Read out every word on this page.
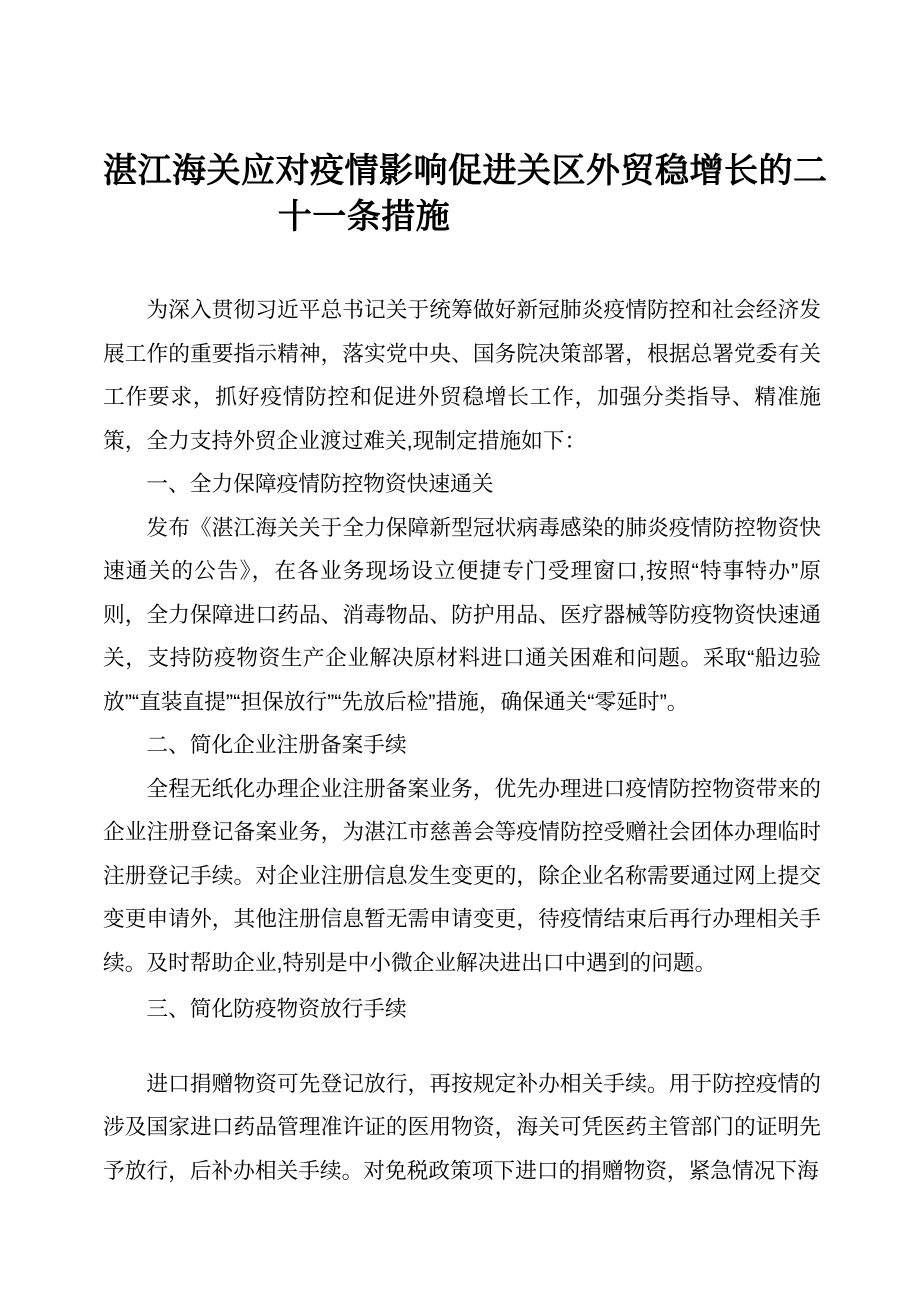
湛江海关应对疫情影响促进关区外贸稳增长的二
十一条措施

为深入贯彻习近平总书记关于统筹做好新冠肺炎疫情防控和社会经济发展工作的重要指示精神，落实党中央、国务院决策部署，根据总署党委有关工作要求，抓好疫情防控和促进外贸稳增长工作，加强分类指导、精准施策，全力支持外贸企业渡过难关,现制定措施如下：

一、全力保障疫情防控物资快速通关

发布《湛江海关关于全力保障新型冠状病毒感染的肺炎疫情防控物资快速通关的公告》，在各业务现场设立便捷专门受理窗口,按照“特事特办”原则，全力保障进口药品、消毒物品、防护用品、医疗器械等防疫物资快速通关，支持防疫物资生产企业解决原材料进口通关困难和问题。采取“船边验放”“直装直提”“担保放行”“先放后检”措施，确保通关“零延时”。

二、简化企业注册备案手续

全程无纸化办理企业注册备案业务，优先办理进口疫情防控物资带来的企业注册登记备案业务，为湛江市慈善会等疫情防控受赠社会团体办理临时注册登记手续。对企业注册信息发生变更的，除企业名称需要通过网上提交变更申请外，其他注册信息暂无需申请变更，待疫情结束后再行办理相关手续。及时帮助企业,特别是中小微企业解决进出口中遇到的问题。

三、简化防疫物资放行手续

进口捐赠物资可先登记放行，再按规定补办相关手续。用于防控疫情的涉及国家进口药品管理准许证的医用物资，海关可凭医药主管部门的证明先予放行，后补办相关手续。对免税政策项下进口的捐赠物资，紧急情况下海
